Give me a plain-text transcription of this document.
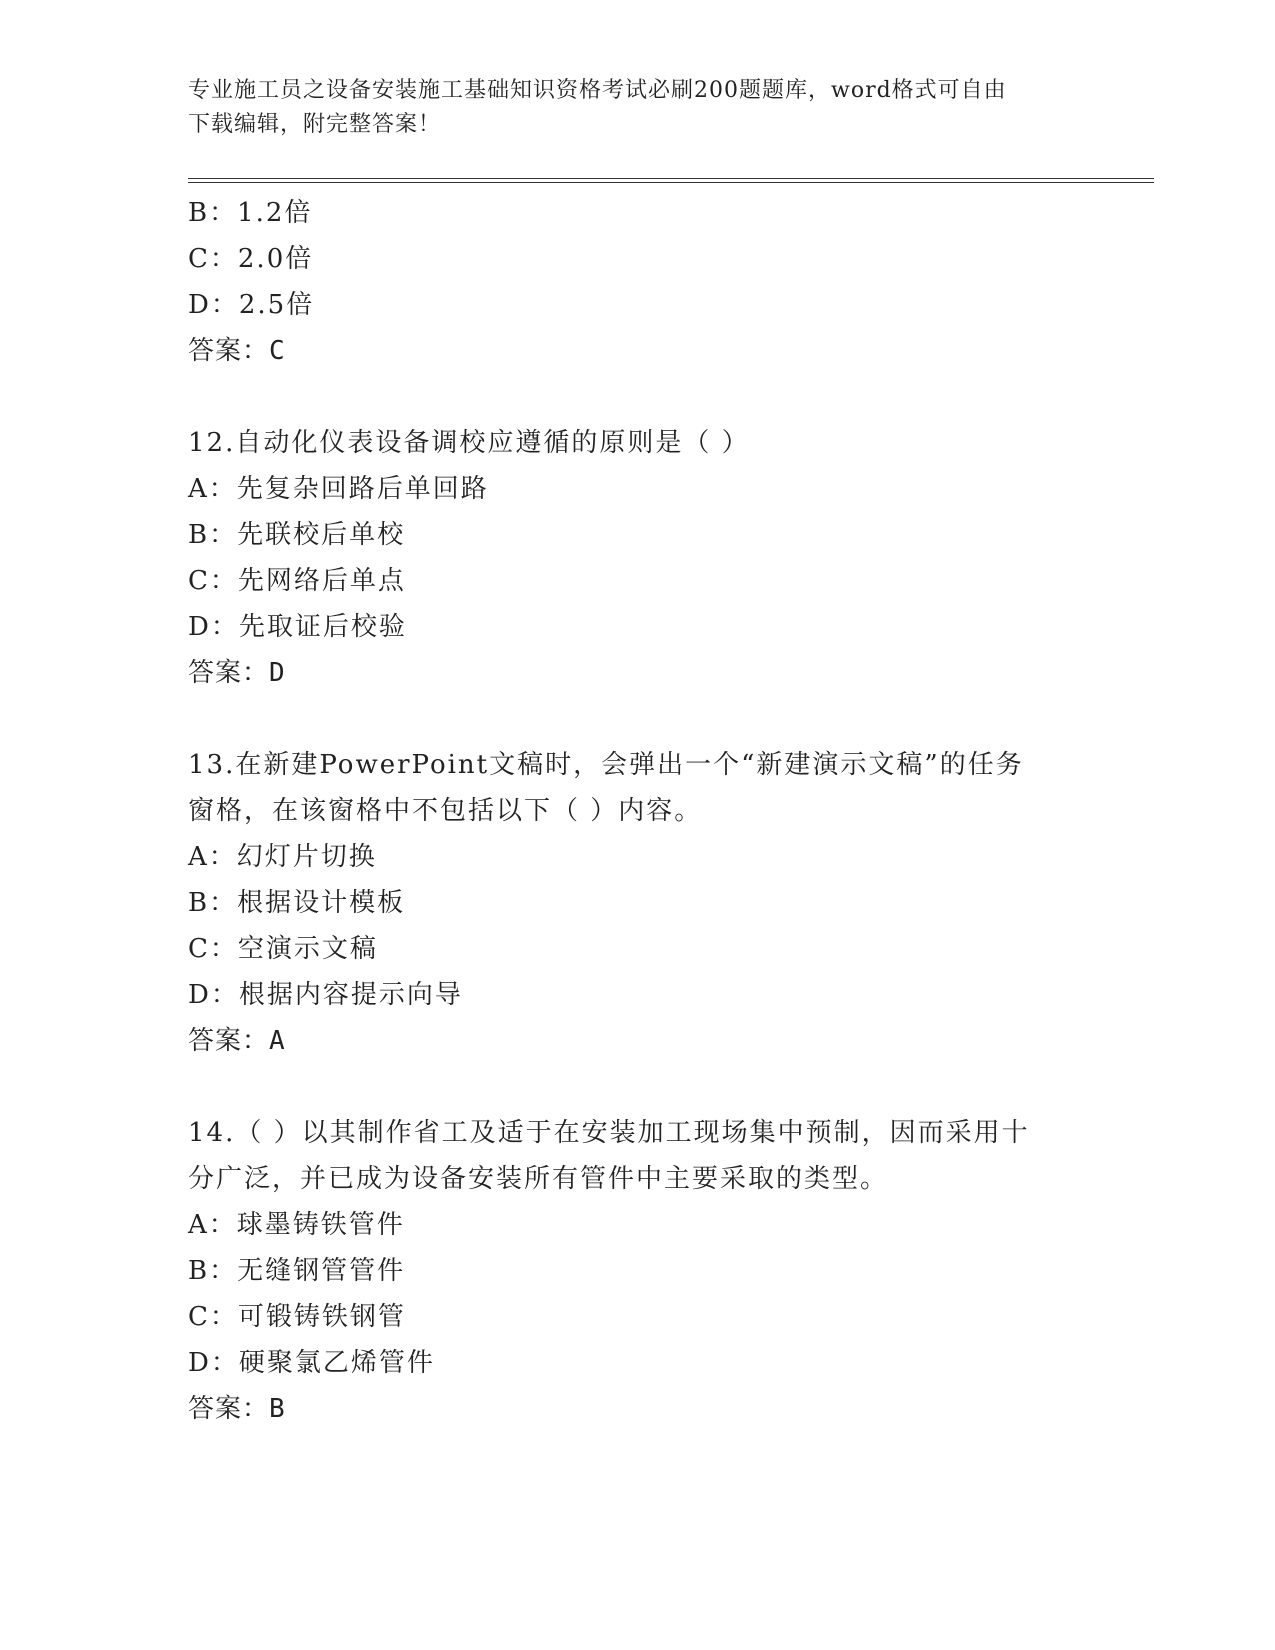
专业施工员之设备安装施工基础知识资格考试必刷200题题库，word格式可自由
下载编辑，附完整答案！
B：1.2倍
C：2.0倍
D：2.5倍
答案：C
12.自动化仪表设备调校应遵循的原则是（ ）
A：先复杂回路后单回路
B：先联校后单校
C：先网络后单点
D：先取证后校验
答案：D
13.在新建PowerPoint文稿时，会弹出一个“新建演示文稿”的任务
窗格，在该窗格中不包括以下（ ）内容。
A：幻灯片切换
B：根据设计模板
C：空演示文稿
D：根据内容提示向导
答案：A
14.（ ）以其制作省工及适于在安装加工现场集中预制，因而采用十
分广泛，并已成为设备安装所有管件中主要采取的类型。
A：球墨铸铁管件
B：无缝钢管管件
C：可锻铸铁钢管
D：硬聚氯乙烯管件
答案：B
